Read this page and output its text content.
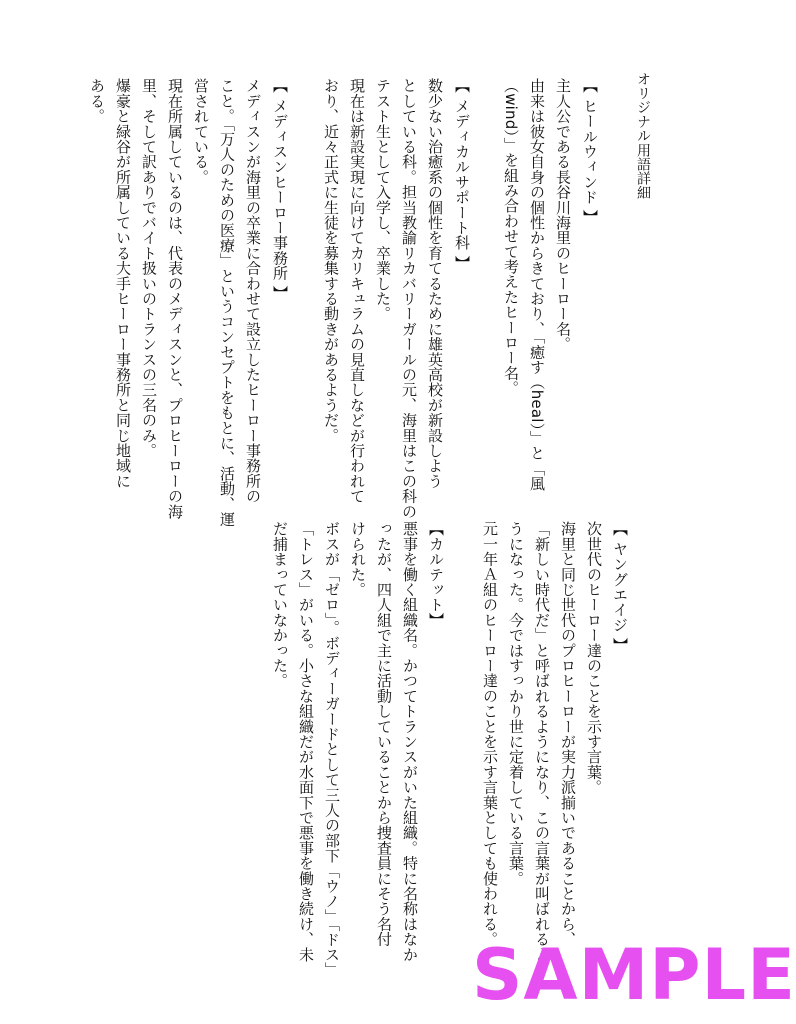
オリジナル用語詳細
【 ヒールウィンド 】
主人公である長谷川海里のヒーロー名。
由来は彼女自身の個性からきており、「癒す（heal）」と「風
（wind）」を組み合わせて考えたヒーロー名。
【 メディカルサポート科 】
数少ない治癒系の個性を育てるために雄英高校が新設しよう
としている科。担当教諭リカバリーガールの元、海里はこの科の
テスト生として入学し、卒業した。
現在は新設実現に向けてカリキュラムの見直しなどが行われて
おり、近々正式に生徒を募集する動きがあるようだ。
【 メディスンヒーロー事務所 】
メディスンが海里の卒業に合わせて設立したヒーロー事務所の
こと。「万人のための医療」というコンセプトをもとに、活動、運
営されている。
現在所属しているのは、代表のメディスンと、プロヒーローの海
里、そして訳ありでバイト扱いのトランスの三名のみ。
爆豪と緑谷が所属している大手ヒーロー事務所と同じ地域に
ある。
【 ヤングエイジ 】
次世代のヒーロー達のことを示す言葉。
海里と同じ世代のプロヒーローが実力派揃いであることから、
「新しい時代だ」と呼ばれるようになり、この言葉が叫ばれるよ
うになった。今ではすっかり世に定着している言葉。
元一年Ａ組のヒーロー達のことを示す言葉としても使われる。
【カルテット】
悪事を働く組織名。かつてトランスがいた組織。特に名称はなか
ったが、四人組で主に活動していることから捜査員にそう名付
けられた。
ボスが「ゼロ」。ボディーガードとして三人の部下「ウノ」「ドス」
「トレス」がいる。小さな組織だが水面下で悪事を働き続け、未
だ捕まっていなかった。
SAMPLE
